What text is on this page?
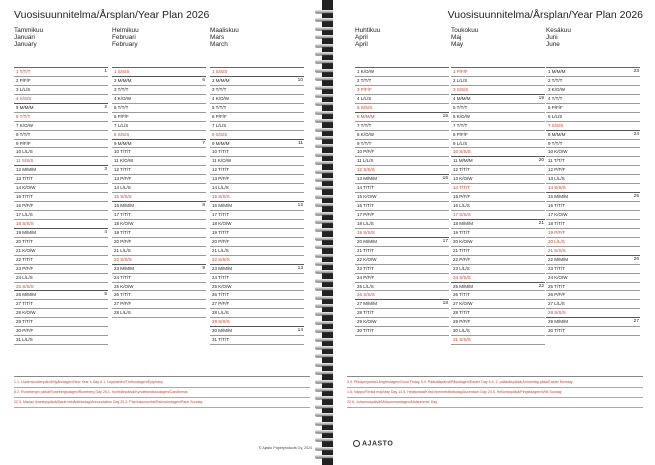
Vuosisuunnitelma/Årsplan/Year Plan 2026
Tammikuu
Januari
January
1 T/T/T	1
2 P/F/F
3 L/L/S
4 S/S/S
5 M/M/M	2
6 T/T/T
7 K/O/W
8 T/T/T
9 P/F/F
10 L/L/S
11 S/S/S
12 M/M/M	3
13 T/T/T
14 K/O/W
15 T/T/T
16 P/F/F
17 L/L/S
18 S/S/S
19 M/M/M	4
20 T/T/T
21 K/O/W
22 T/T/T
23 P/F/F
24 L/L/S
25 S/S/S
26 M/M/M	5
27 T/T/T
28 K/O/W
29 T/T/T
30 P/F/F
31 L/L/S
Helmikuu
Februari
February
1 S/S/S
2 M/M/M	6
3 T/T/T
4 K/O/W
5 T/T/T
6 P/F/F
7 L/L/S
8 S/S/S
9 M/M/M	7
10 T/T/T
11 K/O/W
12 T/T/T
13 P/F/F
14 L/L/S
15 S/S/S
16 M/M/M	8
17 T/T/T
18 K/O/W
19 T/T/T
20 P/F/F
21 L/L/S
22 S/S/S
23 M/M/M	9
24 T/T/T
25 K/O/W
26 T/T/T
27 P/F/F
28 L/L/S
Maaliskuu
Mars
March
1 S/S/S
2 M/M/M	10
3 T/T/T
4 K/O/W
5 T/T/T
6 P/F/F
7 L/L/S
8 S/S/S
9 M/M/M	11
10 T/T/T
11 K/O/W
12 T/T/T
13 P/F/F
14 L/L/S
15 S/S/S
16 M/M/M	12
17 T/T/T
18 K/O/W
19 T/T/T
20 P/F/F
21 L/L/S
22 S/S/S
23 M/M/M	13
24 T/T/T
25 K/O/W
26 T/T/T
27 P/F/F
28 L/L/S
29 S/S/S
30 M/M/M	14
31 T/T/T
1.1. Uudenvuodenpäivä/Nyårsdagen/New Year´s Day 6.1. Loppiainen/Trettondagen/Epiphany
6.2. Runebergin päivä/Runebergsdagen/Runeberg Day 25.1. Kynttilänpäivä/Kyndelsmässodagen/Candlemas
22.3. Marian ilmestyspäivä/Marie bebådelsedag/Annunciation Day 29.3. Palmusunnuntai/Palmsöndagen/Palm Sunday
© Ajasto Paperproducts Oy, 2024
Vuosisuunnitelma/Årsplan/Year Plan 2026
Huhtikuu
April
April
1 K/O/W
2 T/T/T
3 P/F/F
4 L/L/S
5 S/S/S
6 M/M/M	15
7 T/T/T
8 K/O/W
9 T/T/T
10 P/F/F
11 L/L/S
12 S/S/S
13 M/M/M	16
14 T/T/T
15 K/O/W
16 T/T/T
17 P/F/F
18 L/L/S
19 S/S/S
20 M/M/M	17
21 T/T/T
22 K/O/W
23 T/T/T
24 P/F/F
25 L/L/S
26 S/S/S
27 M/M/M	18
28 T/T/T
29 K/O/W
30 T/T/T
Toukokuu
Maj
May
1 P/F/F
2 L/L/S
3 S/S/S
4 M/M/M	19
5 T/T/T
6 K/O/W
7 T/T/T
8 P/F/F
9 L/L/S
10 S/S/S
11 M/M/M	20
12 T/T/T
13 K/O/W
14 T/T/T
15 P/F/F
16 L/L/S
17 S/S/S
18 M/M/M	21
19 T/T/T
20 K/O/W
21 T/T/T
22 P/F/F
23 L/L/S
24 S/S/S
25 M/M/M	22
26 T/T/T
27 K/O/W
28 T/T/T
29 P/F/F
30 L/L/S
31 S/S/S
Kesäkuu
Juni
June
1 M/M/M	23
2 T/T/T
3 K/O/W
4 T/T/T
5 P/F/F
6 L/L/S
7 S/S/S
8 M/M/M	24
9 T/T/T
10 K/O/W
11 T/T/T
12 P/F/F
13 L/L/S
14 S/S/S
15 M/M/M	25
16 T/T/T
17 K/O/W
18 T/T/T
19 P/F/F
20 L/L/S
21 S/S/S
22 M/M/M	26
23 T/T/T
24 K/O/W
25 T/T/T
26 P/F/F
27 L/L/S
28 S/S/S
29 M/M/M	27
30 T/T/T
3.4. Pitkäperjantai/Långfredagen/Good Friday 5.4. Pääsiäispäivä/Påskdagen/Easter Day 6.4. 2. pääsiäispäivä/Annandag påsk/Easter Monday
1.5. Vappu/Första maj/May Day 14.5. Helatorstai/Kristi himmelsfärdsdag/Ascension Day 24.5. Helluntaipäivä/Pingstdagen/Whit Sunday
20.6. Juhannuspäivä/Midsommardagen/Midsummer Day
AJASTO
